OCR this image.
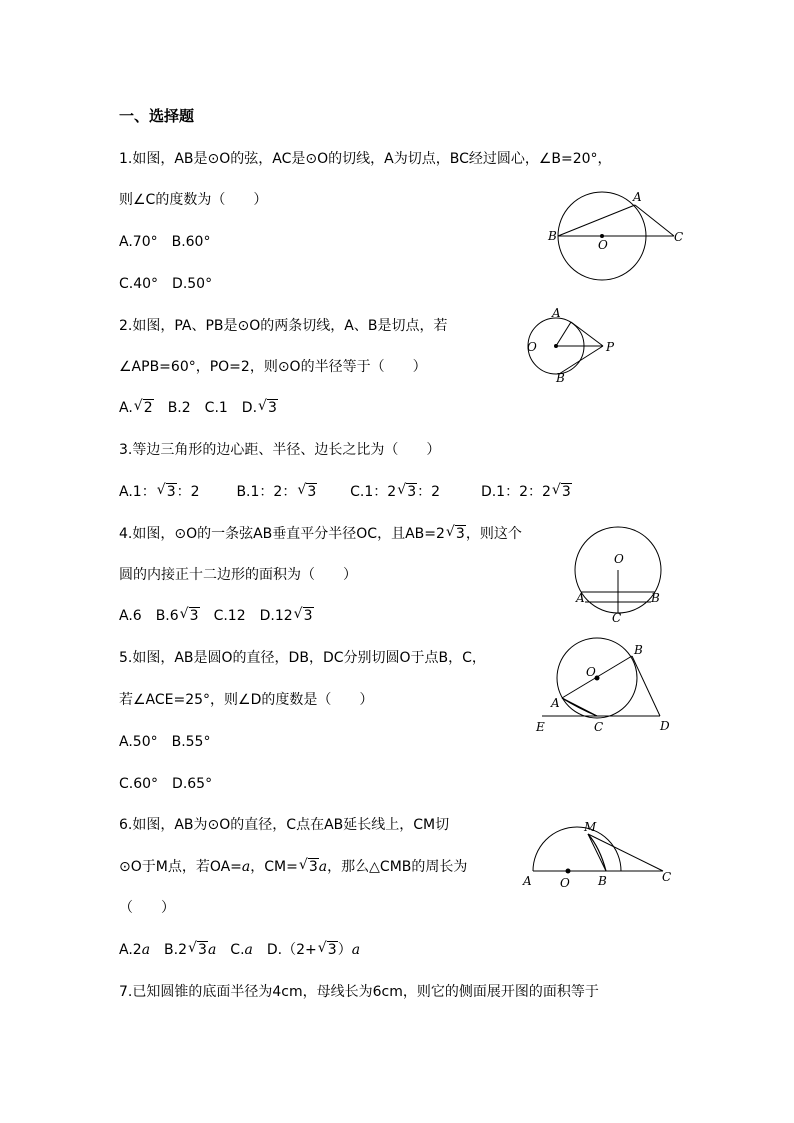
一、选择题
1.如图，AB是⊙O的弦，AC是⊙O的切线，A为切点，BC经过圆心，∠B=20°，
则∠C的度数为（　　）
A.70°　B.60°
C.40°　D.50°
A
B
O
C
2.如图，PA、PB是⊙O的两条切线，A、B是切点，若
∠APB=60°，PO=2，则⊙O的半径等于（　　）
A. √ 2　B.2　C.1　D. √ 3
A
O	P
B
3.等边三角形的边心距、半径、边长之比为（　　）
A.1： √ 3：2	B.1：2： √ 3 C.1：2 √ 3：2	D.1：2：2 √ 3
4.如图，⊙O的一条弦AB垂直平分半径OC，且AB=2 √ 3，则这个
圆的内接正十二边形的面积为（　　）
A.6　B.6 √ 3　C.12　D.12 √ 3
O
A	B
C
5.如图，AB是圆O的直径，DB，DC分别切圆O于点B，C，
若∠ACE=25°，则∠D的度数是（　　）
A.50°　B.55°
C.60°　D.65°
O
B
A
E	C	D
6.如图，AB为⊙O的直径，C点在AB延长线上，CM切
⊙O于M点，若OA=a，CM= √ 3a，那么△CMB的周长为
（　　）
A.2a　B.2 √ 3a　C.a　D.（2+ √ 3）a
M
A O B	C
7.已知圆锥的底面半径为4cm，母线长为6cm，则它的侧面展开图的面积等于
